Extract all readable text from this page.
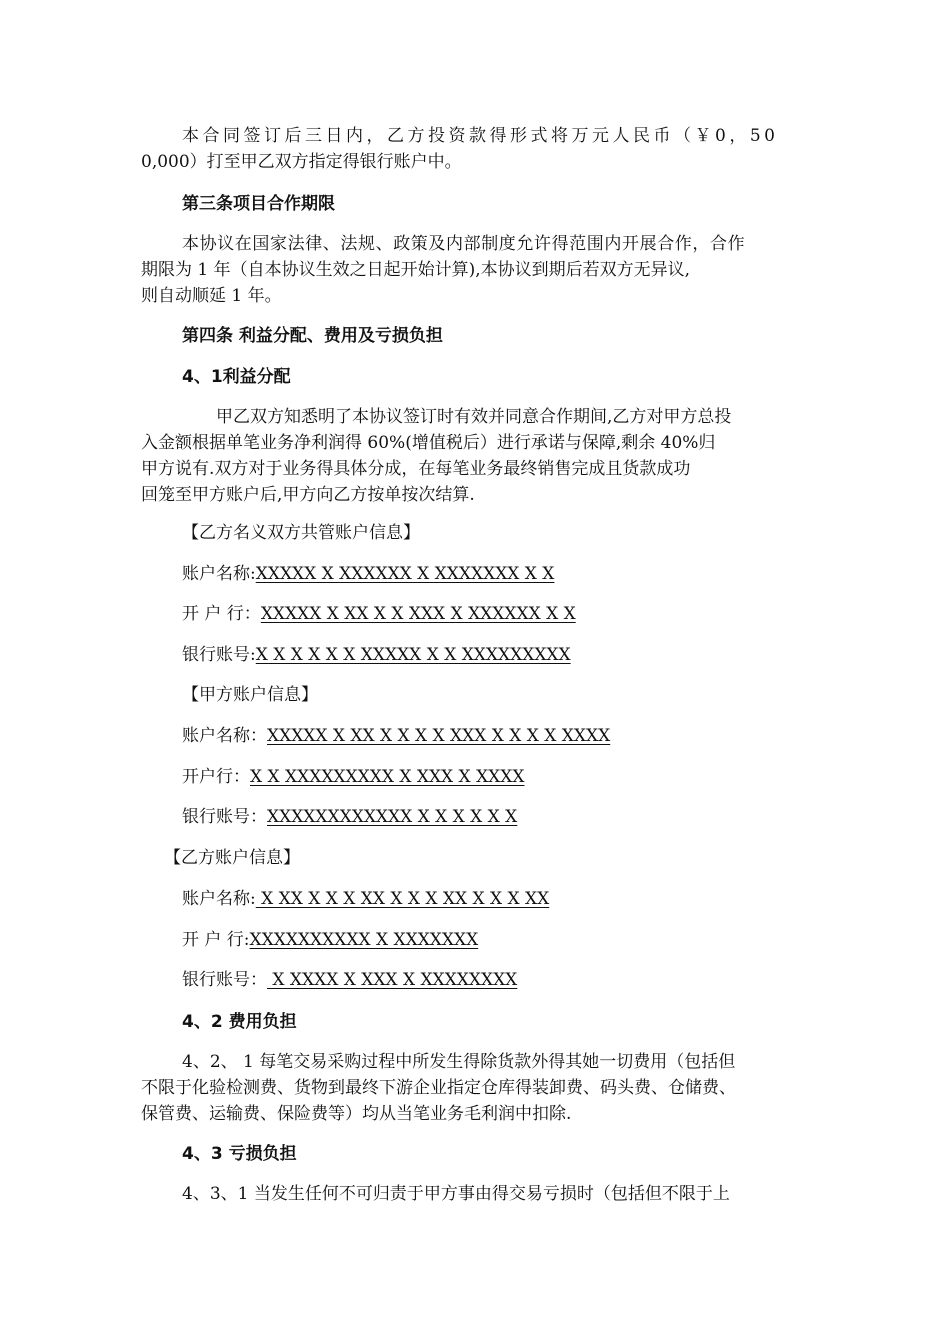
本合同签订后三日内，乙方投资款得形式将万元人民币（￥0，50
0,000）打至甲乙双方指定得银行账户中。
第三条项目合作期限
本协议在国家法律、法规、政策及内部制度允许得范围内开展合作，合作
期限为 1 年（自本协议生效之日起开始计算),本协议到期后若双方无异议,
则自动顺延 1 年。
第四条 利益分配、费用及亏损负担
4、1利益分配
甲乙双方知悉明了本协议签订时有效并同意合作期间,乙方对甲方总投
入金额根据单笔业务净利润得 60%(增值税后）进行承诺与保障,剩余 40%归
甲方说有.双方对于业务得具体分成，在每笔业务最终销售完成且货款成功
回笼至甲方账户后,甲方向乙方按单按次结算.
【乙方名义双方共管账户信息】
账户名称:XXXXX X XXXXXX X XXXXXXX X X
开 户 行：XXXXX X XX X X XXX X XXXXXX X X
银行账号:X X X X X X XXXXX X X XXXXXXXXX
【甲方账户信息】
账户名称：XXXXX X XX X X X X XXX X X X X XXXX
开户行：X X XXXXXXXXX X XXX X XXXX
银行账号：XXXXXXXXXXXX X X X X X X
【乙方账户信息】
账户名称: X XX X X X XX X X X XX X X X XX
开 户 行:XXXXXXXXXX X XXXXXXX
银行账号： X XXXX X XXX X XXXXXXXX
4、2 费用负担
4、2、 1 每笔交易采购过程中所发生得除货款外得其她一切费用（包括但
不限于化验检测费、货物到最终下游企业指定仓库得装卸费、码头费、仓储费、
保管费、运输费、保险费等）均从当笔业务毛利润中扣除.
4、3 亏损负担
4、3、1 当发生任何不可归责于甲方事由得交易亏损时（包括但不限于上
